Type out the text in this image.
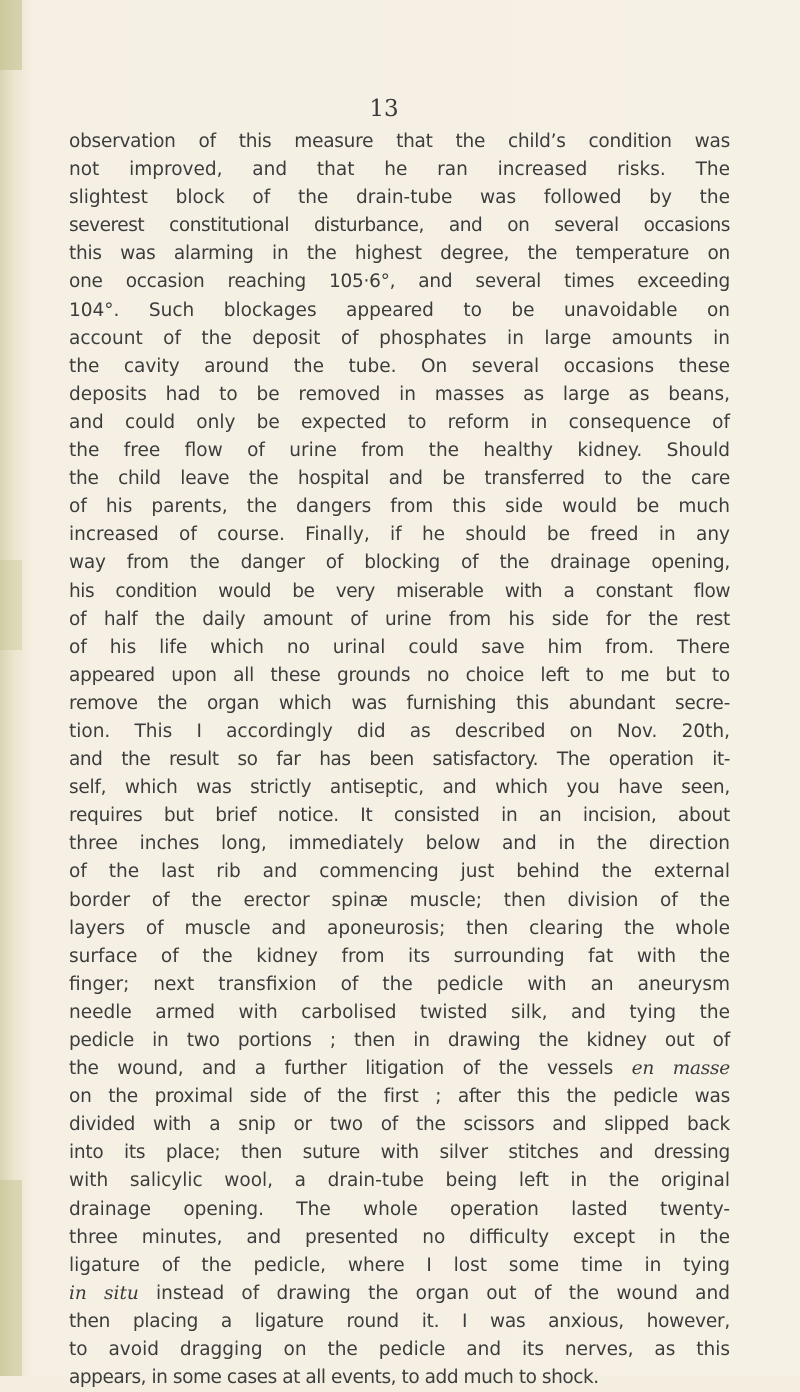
13

observation of this measure that the child’s condition was
not improved, and that he ran increased risks. The
slightest block of the drain-tube was followed by the
severest constitutional disturbance, and on several occasions
this was alarming in the highest degree, the temperature on
one occasion reaching 105·6°, and several times exceeding
104°. Such blockages appeared to be unavoidable on
account of the deposit of phosphates in large amounts in
the cavity around the tube. On several occasions these
deposits had to be removed in masses as large as beans,
and could only be expected to reform in consequence of
the free flow of urine from the healthy kidney. Should
the child leave the hospital and be transferred to the care
of his parents, the dangers from this side would be much
increased of course. Finally, if he should be freed in any
way from the danger of blocking of the drainage opening,
his condition would be very miserable with a constant flow
of half the daily amount of urine from his side for the rest
of his life which no urinal could save him from. There
appeared upon all these grounds no choice left to me but to
remove the organ which was furnishing this abundant secre-
tion. This I accordingly did as described on Nov. 20th,
and the result so far has been satisfactory. The operation it-
self, which was strictly antiseptic, and which you have seen,
requires but brief notice. It consisted in an incision, about
three inches long, immediately below and in the direction
of the last rib and commencing just behind the external
border of the erector spinæ muscle; then division of the
layers of muscle and aponeurosis; then clearing the whole
surface of the kidney from its surrounding fat with the
finger; next transfixion of the pedicle with an aneurysm
needle armed with carbolised twisted silk, and tying the
pedicle in two portions ; then in drawing the kidney out of
the wound, and a further litigation of the vessels en masse
on the proximal side of the first ; after this the pedicle was
divided with a snip or two of the scissors and slipped back
into its place; then suture with silver stitches and dressing
with salicylic wool, a drain-tube being left in the original
drainage opening. The whole operation lasted twenty-
three minutes, and presented no difficulty except in the
ligature of the pedicle, where I lost some time in tying
in situ instead of drawing the organ out of the wound and
then placing a ligature round it. I was anxious, however,
to avoid dragging on the pedicle and its nerves, as this
appears, in some cases at all events, to add much to shock.
